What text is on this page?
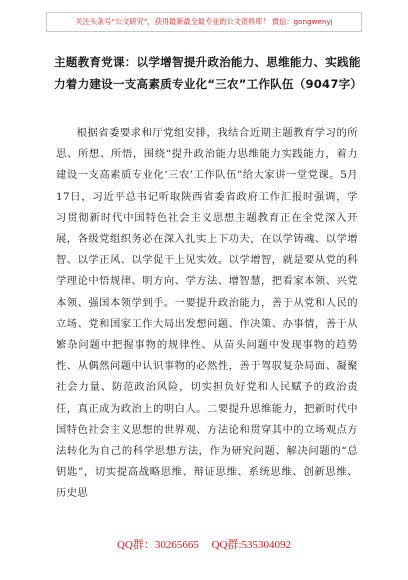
关注头条号“公文研究”，获得最新最全最专业的公文资料库！ 微信：gongwenyj
主题教育党课：以学增智提升政治能力、思维能力、实践能力着力建设一支高素质专业化“三农”工作队伍（9047字）

根据省委要求和厅党组安排，我结合近期主题教育学习的所思、所想、所悟，围绕“提升政治能力思维能力实践能力，着力建设一支高素质专业化‘三农’工作队伍”给大家讲一堂党课。5月17日，习近平总书记听取陕西省委省政府工作汇报时强调，学习贯彻新时代中国特色社会主义思想主题教育正在全党深入开展，各级党组织务必在深入扎实上下功夫，在以学铸魂、以学增智、以学正风、以学促干上见实效。以学增智，就是要从党的科学理论中悟规律、明方向、学方法、增智慧，把看家本领、兴党本领、强国本领学到手。一要提升政治能力，善于从党和人民的立场、党和国家工作大局出发想问题、作决策、办事情，善于从繁杂问题中把握事物的规律性、从苗头问题中发现事物的趋势性、从偶然问题中认识事物的必然性，善于驾驭复杂局面、凝聚社会力量、防范政治风险，切实担负好党和人民赋予的政治责任，真正成为政治上的明白人。二要提升思维能力，把新时代中国特色社会主义思想的世界观、方法论和贯穿其中的立场观点方法转化为自己的科学思想方法，作为研究问题、解决问题的“总钥匙”，切实提高战略思维、辩证思维、系统思维、创新思维、历史思

QQ群：30265665 QQ群:535304092
